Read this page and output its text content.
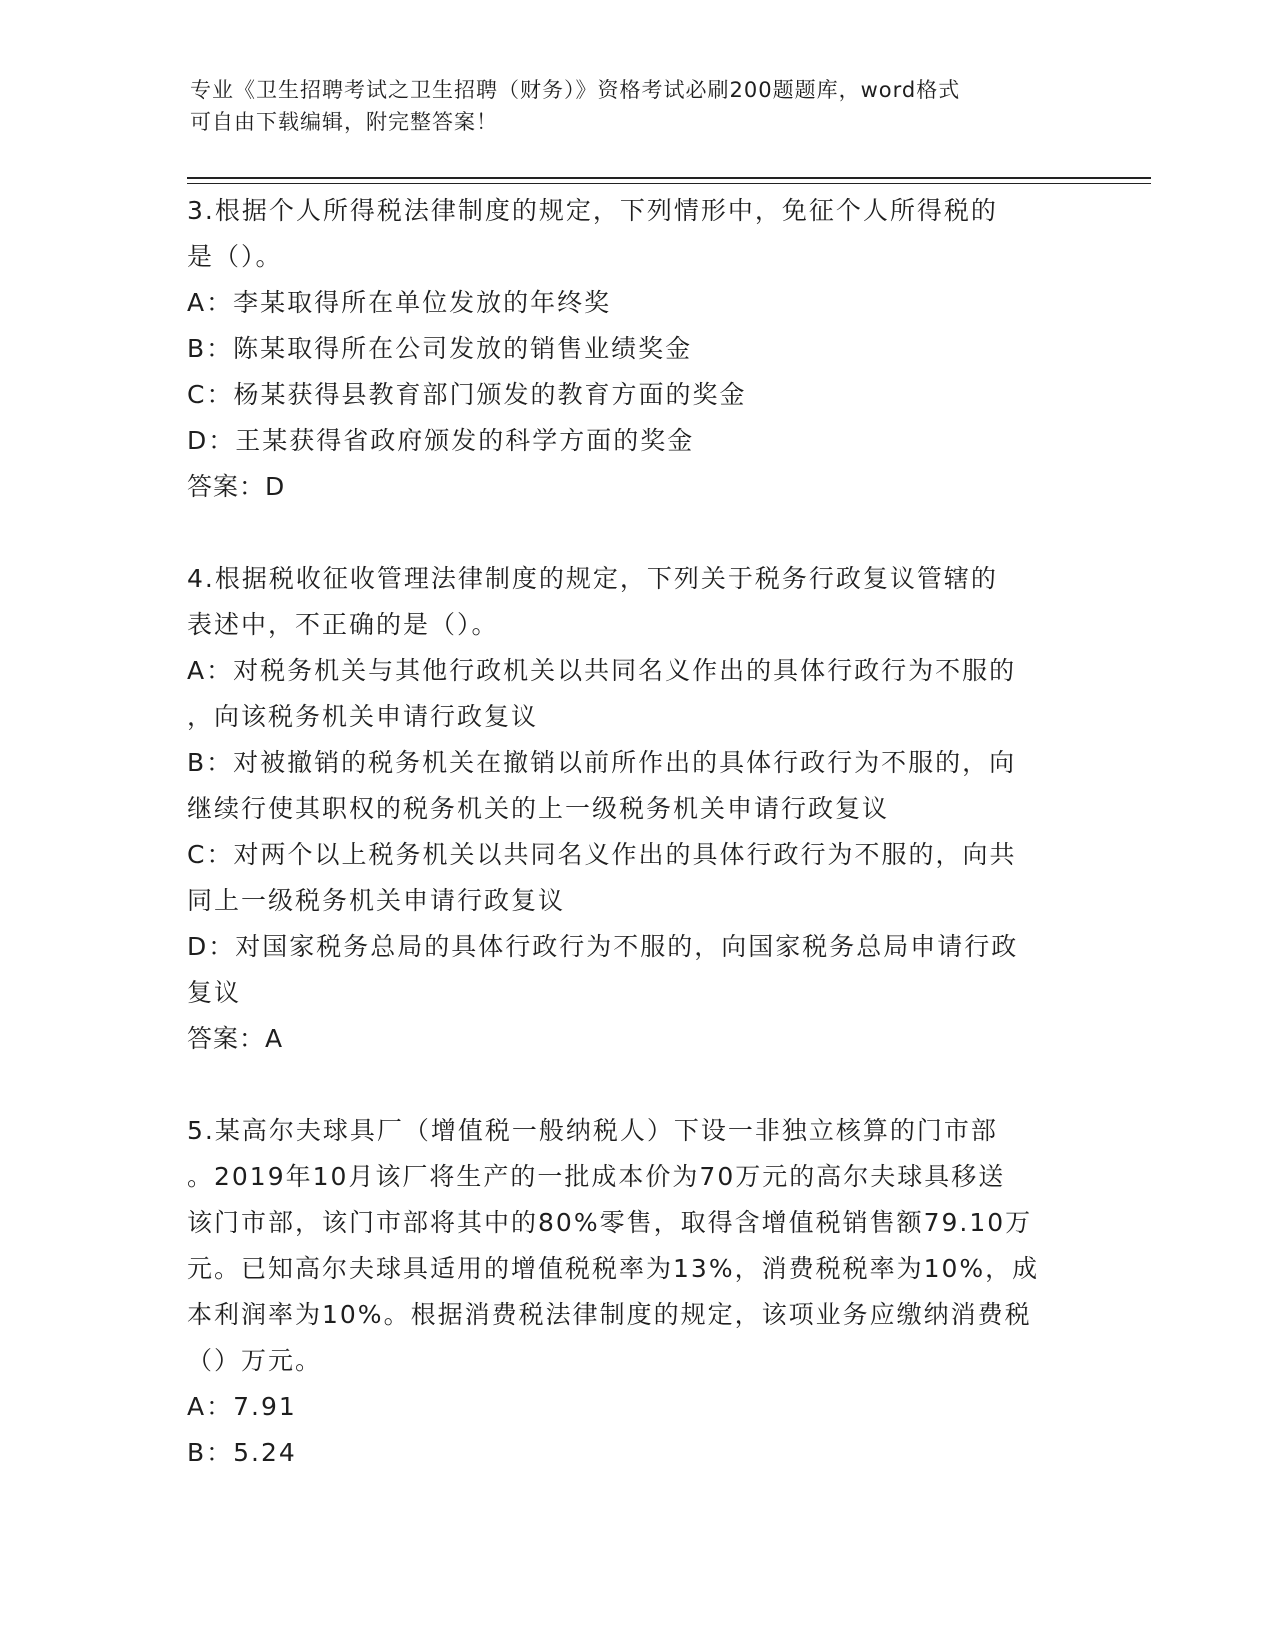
专业《卫生招聘考试之卫生招聘（财务）》资格考试必刷200题题库，word格式
可自由下载编辑，附完整答案！
3.根据个人所得税法律制度的规定，下列情形中，免征个人所得税的
是（）。
A：李某取得所在单位发放的年终奖
B：陈某取得所在公司发放的销售业绩奖金
C：杨某获得县教育部门颁发的教育方面的奖金
D：王某获得省政府颁发的科学方面的奖金
答案：D
4.根据税收征收管理法律制度的规定，下列关于税务行政复议管辖的
表述中，不正确的是（）。
A：对税务机关与其他行政机关以共同名义作出的具体行政行为不服的
，向该税务机关申请行政复议
B：对被撤销的税务机关在撤销以前所作出的具体行政行为不服的，向
继续行使其职权的税务机关的上一级税务机关申请行政复议
C：对两个以上税务机关以共同名义作出的具体行政行为不服的，向共
同上一级税务机关申请行政复议
D：对国家税务总局的具体行政行为不服的，向国家税务总局申请行政
复议
答案：A
5.某高尔夫球具厂（增值税一般纳税人）下设一非独立核算的门市部
。2019年10月该厂将生产的一批成本价为70万元的高尔夫球具移送
该门市部，该门市部将其中的80%零售，取得含增值税销售额79.10万
元。已知高尔夫球具适用的增值税税率为13%，消费税税率为10%，成
本利润率为10%。根据消费税法律制度的规定，该项业务应缴纳消费税
（）万元。
A：7.91
B：5.24
